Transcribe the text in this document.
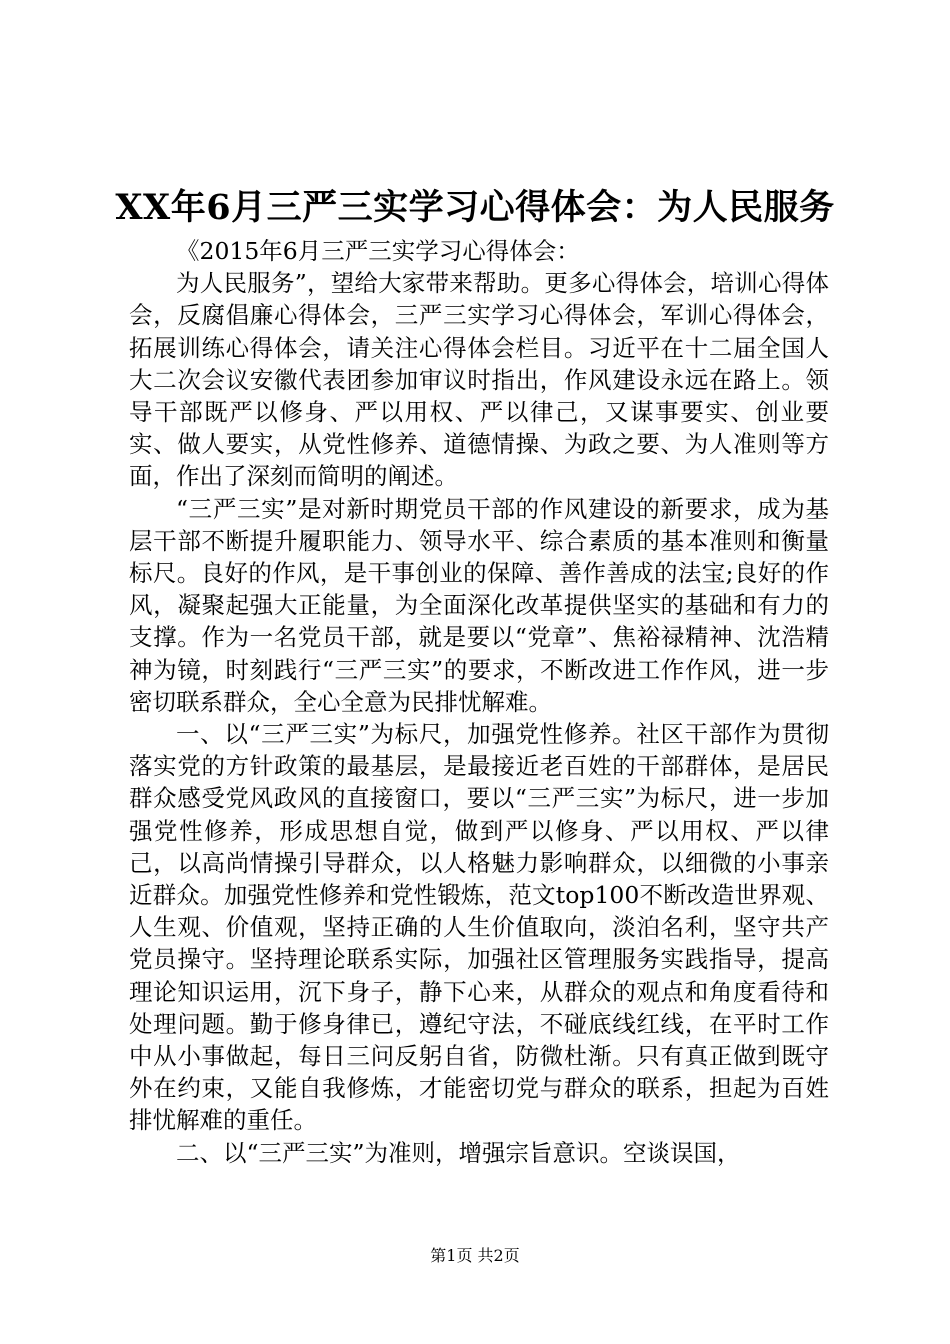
XX年6月三严三实学习心得体会：为人民服务

《2015年6月三严三实学习心得体会：

为人民服务”，望给大家带来帮助。更多心得体会，培训心得体会，反腐倡廉心得体会，三严三实学习心得体会，军训心得体会，拓展训练心得体会，请关注心得体会栏目。习近平在十二届全国人大二次会议安徽代表团参加审议时指出，作风建设永远在路上。领导干部既严以修身、严以用权、严以律己，又谋事要实、创业要实、做人要实，从党性修养、道德情操、为政之要、为人准则等方面，作出了深刻而简明的阐述。

“三严三实”是对新时期党员干部的作风建设的新要求，成为基层干部不断提升履职能力、领导水平、综合素质的基本准则和衡量标尺。良好的作风，是干事创业的保障、善作善成的法宝;良好的作风，凝聚起强大正能量，为全面深化改革提供坚实的基础和有力的支撑。作为一名党员干部，就是要以“党章”、焦裕禄精神、沈浩精神为镜，时刻践行“三严三实”的要求，不断改进工作作风，进一步密切联系群众，全心全意为民排忧解难。

一、以“三严三实”为标尺，加强党性修养。社区干部作为贯彻落实党的方针政策的最基层，是最接近老百姓的干部群体，是居民群众感受党风政风的直接窗口，要以“三严三实”为标尺，进一步加强党性修养，形成思想自觉，做到严以修身、严以用权、严以律己，以高尚情操引导群众，以人格魅力影响群众，以细微的小事亲近群众。加强党性修养和党性锻炼，范文top100不断改造世界观、人生观、价值观，坚持正确的人生价值取向，淡泊名利，坚守共产党员操守。坚持理论联系实际，加强社区管理服务实践指导，提高理论知识运用，沉下身子，静下心来，从群众的观点和角度看待和处理问题。勤于修身律已，遵纪守法，不碰底线红线，在平时工作中从小事做起，每日三问反躬自省，防微杜渐。只有真正做到既守外在约束，又能自我修炼，才能密切党与群众的联系，担起为百姓排忧解难的重任。

二、以“三严三实”为准则，增强宗旨意识。空谈误国，

第1页 共2页
